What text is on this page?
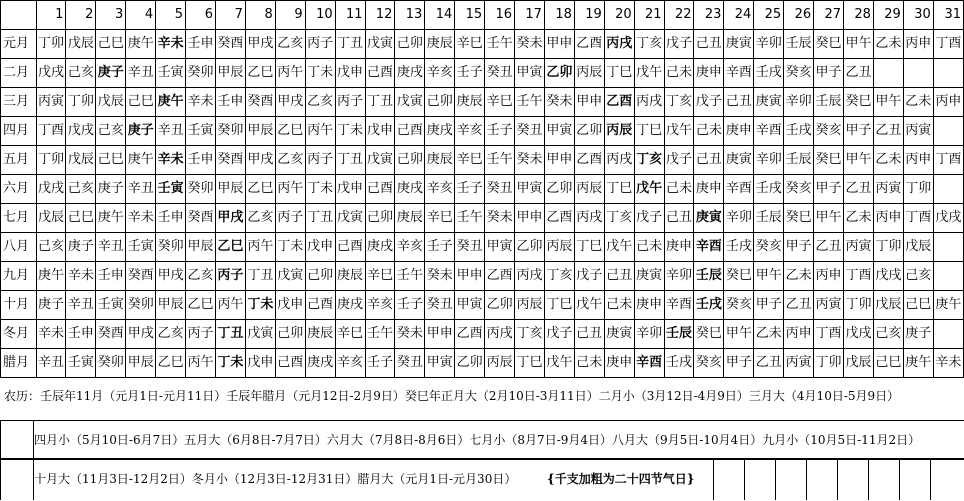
	1	2	3	4	5	6	7	8	9	10	11	12	13	14	15	16	17	18	19	20	21	22	23	24	25	26	27	28	29	30	31
元月	丁卯	戊辰	己巳	庚午	辛未	壬申	癸酉	甲戌	乙亥	丙子	丁丑	戊寅	己卯	庚辰	辛巳	壬午	癸未	甲申	乙酉	丙戌	丁亥	戊子	己丑	庚寅	辛卯	壬辰	癸巳	甲午	乙未	丙申	丁酉
二月	戊戌	己亥	庚子	辛丑	壬寅	癸卯	甲辰	乙巳	丙午	丁未	戊申	己酉	庚戌	辛亥	壬子	癸丑	甲寅	乙卯	丙辰	丁巳	戊午	己未	庚申	辛酉	壬戌	癸亥	甲子	乙丑			
三月	丙寅	丁卯	戊辰	己巳	庚午	辛未	壬申	癸酉	甲戌	乙亥	丙子	丁丑	戊寅	己卯	庚辰	辛巳	壬午	癸未	甲申	乙酉	丙戌	丁亥	戊子	己丑	庚寅	辛卯	壬辰	癸巳	甲午	乙未	丙申
四月	丁酉	戊戌	己亥	庚子	辛丑	壬寅	癸卯	甲辰	乙巳	丙午	丁未	戊申	己酉	庚戌	辛亥	壬子	癸丑	甲寅	乙卯	丙辰	丁巳	戊午	己未	庚申	辛酉	壬戌	癸亥	甲子	乙丑	丙寅	
五月	丁卯	戊辰	己巳	庚午	辛未	壬申	癸酉	甲戌	乙亥	丙子	丁丑	戊寅	己卯	庚辰	辛巳	壬午	癸未	甲申	乙酉	丙戌	丁亥	戊子	己丑	庚寅	辛卯	壬辰	癸巳	甲午	乙未	丙申	丁酉
六月	戊戌	己亥	庚子	辛丑	壬寅	癸卯	甲辰	乙巳	丙午	丁未	戊申	己酉	庚戌	辛亥	壬子	癸丑	甲寅	乙卯	丙辰	丁巳	戊午	己未	庚申	辛酉	壬戌	癸亥	甲子	乙丑	丙寅	丁卯	
七月	戊辰	己巳	庚午	辛未	壬申	癸酉	甲戌	乙亥	丙子	丁丑	戊寅	己卯	庚辰	辛巳	壬午	癸未	甲申	乙酉	丙戌	丁亥	戊子	己丑	庚寅	辛卯	壬辰	癸巳	甲午	乙未	丙申	丁酉	戊戌
八月	己亥	庚子	辛丑	壬寅	癸卯	甲辰	乙巳	丙午	丁未	戊申	己酉	庚戌	辛亥	壬子	癸丑	甲寅	乙卯	丙辰	丁巳	戊午	己未	庚申	辛酉	壬戌	癸亥	甲子	乙丑	丙寅	丁卯	戊辰	
九月	庚午	辛未	壬申	癸酉	甲戌	乙亥	丙子	丁丑	戊寅	己卯	庚辰	辛巳	壬午	癸未	甲申	乙酉	丙戌	丁亥	戊子	己丑	庚寅	辛卯	壬辰	癸巳	甲午	乙未	丙申	丁酉	戊戌	己亥	
十月	庚子	辛丑	壬寅	癸卯	甲辰	乙巳	丙午	丁未	戊申	己酉	庚戌	辛亥	壬子	癸丑	甲寅	乙卯	丙辰	丁巳	戊午	己未	庚申	辛酉	壬戌	癸亥	甲子	乙丑	丙寅	丁卯	戊辰	己巳	庚午
冬月	辛未	壬申	癸酉	甲戌	乙亥	丙子	丁丑	戊寅	己卯	庚辰	辛巳	壬午	癸未	甲申	乙酉	丙戌	丁亥	戊子	己丑	庚寅	辛卯	壬辰	癸巳	甲午	乙未	丙申	丁酉	戊戌	己亥	庚子	
腊月	辛丑	壬寅	癸卯	甲辰	乙巳	丙午	丁未	戊申	己酉	庚戌	辛亥	壬子	癸丑	甲寅	乙卯	丙辰	丁巳	戊午	己未	庚申	辛酉	壬戌	癸亥	甲子	乙丑	丙寅	丁卯	戊辰	己巳	庚午	辛未
农历：壬辰年11月（元月1日-元月11日）壬辰年腊月（元月12日-2月9日）癸巳年正月大（2月10日-3月11日）二月小（3月12日-4月9日）三月大（4月10日-5月9日）
四月小（5月10日-6月7日）五月大（6月8日-7月7日）六月大（7月8日-8月6日）七月小（8月7日-9月4日）八月大（9月5日-10月4日）九月小（10月5日-11月2日）
十月大（11月3日-12月2日）冬月小（12月3日-12月31日）腊月大（元月1日-元月30日）	{千支加粗为二十四节气日}
